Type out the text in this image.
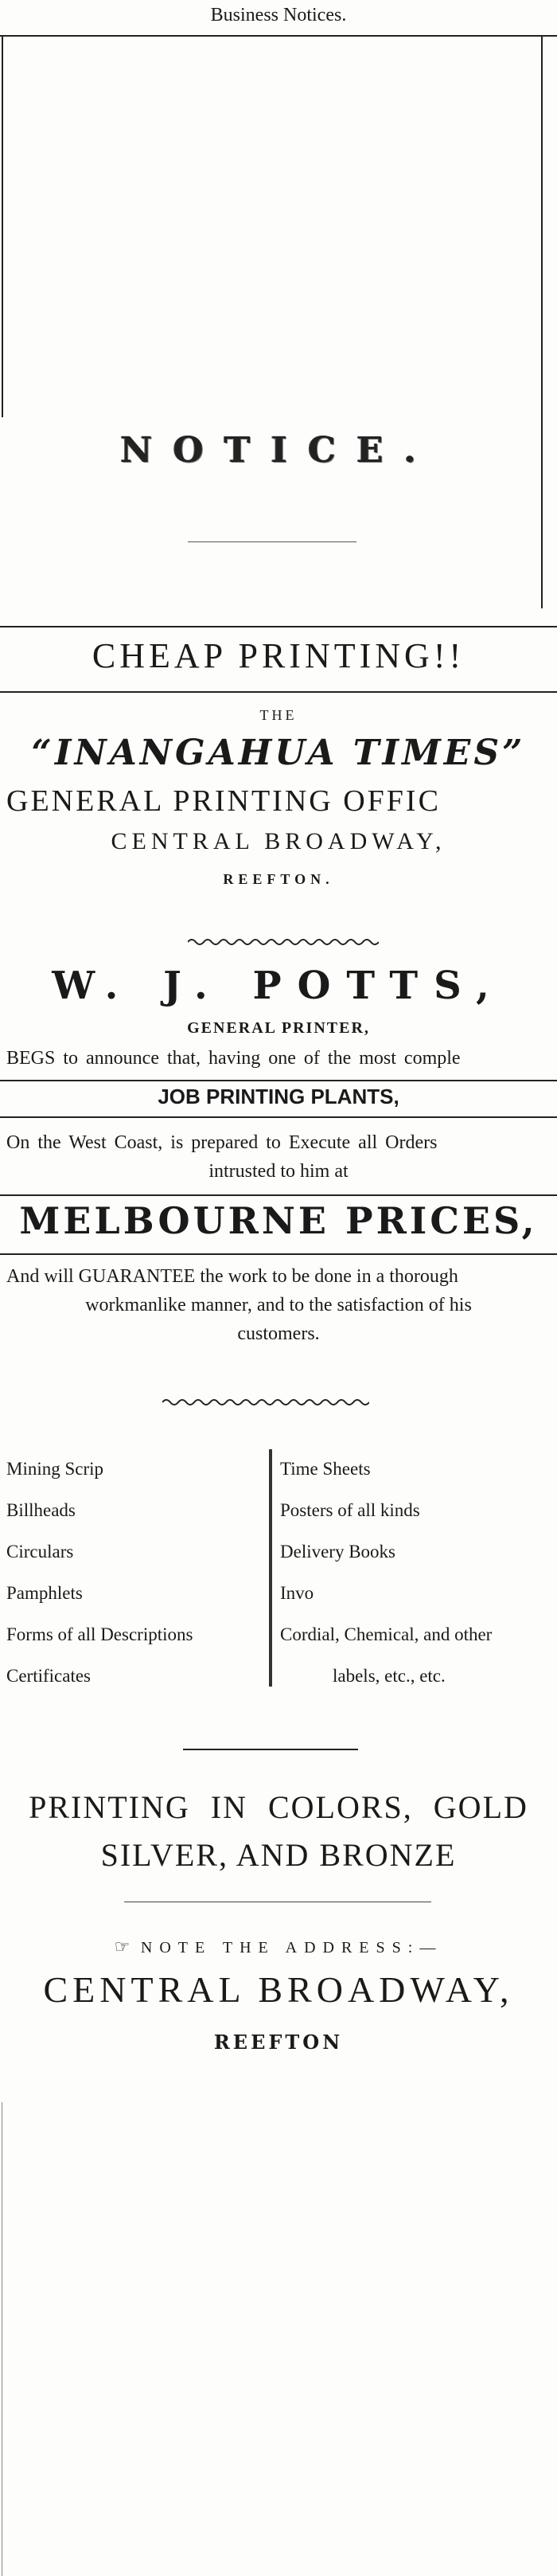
Business Notices.
NOTICE.
CHEAP PRINTING!!
THE
“INANGAHUA TIMES”
GENERAL PRINTING OFFIC
CENTRAL BROADWAY,
REEFTON.
W. J. POTTS,
GENERAL PRINTER,
BEGS to announce that, having one of the most comple
JOB PRINTING PLANTS,
On the West Coast, is prepared to Execute all Orders
intrusted to him at
MELBOURNE PRICES,
And will GUARANTEE the work to be done in a thorough
workmanlike manner, and to the satisfaction of his
customers.
Mining Scrip
Billheads
Circulars
Pamphlets
Forms of all Descriptions
Certificates
Time Sheets
Posters of all kinds
Delivery Books
Invo
Cordial, Chemical, and other
labels, etc., etc.
PRINTING IN COLORS, GOLD
SILVER, AND BRONZE
☞ NOTE THE ADDRESS:—
CENTRAL BROADWAY,
REEFTON
